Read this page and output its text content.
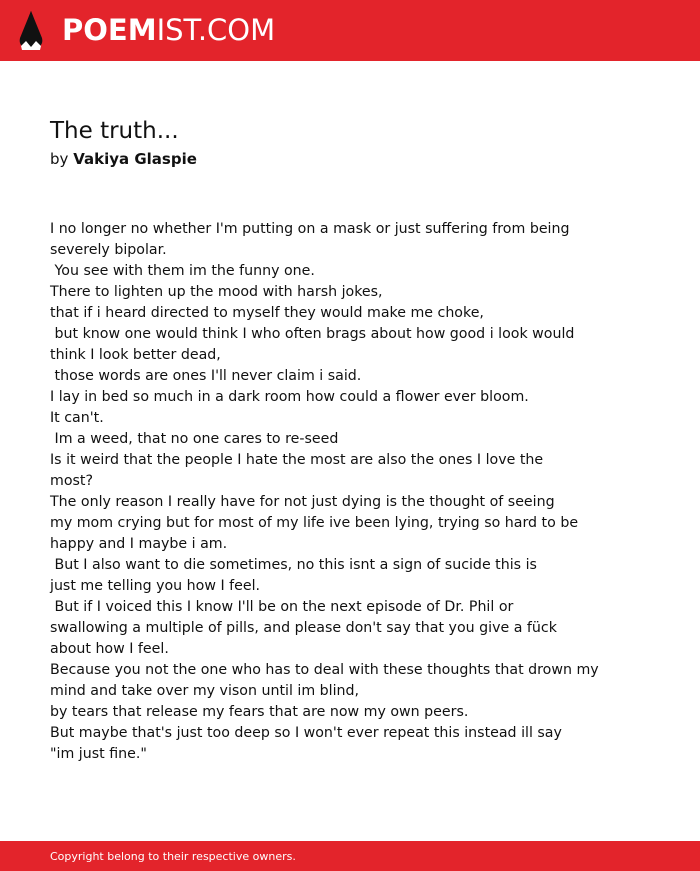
POEMIST.COM
The truth...
by Vakiya Glaspie
I no longer no whether I'm putting on a mask or just suffering from being
severely bipolar.
You see with them im the funny one.
There to lighten up the mood with harsh jokes,
that if i heard directed to myself they would make me choke,
but know one would think I who often brags about how good i look would
think I look better dead,
those words are ones I'll never claim i said.
I lay in bed so much in a dark room how could a flower ever bloom.
It can't.
Im a weed, that no one cares to re-seed
Is it weird that the people I hate the most are also the ones I love the
most?
The only reason I really have for not just dying is the thought of seeing
my mom crying but for most of my life ive been lying, trying so hard to be
happy and I maybe i am.
But I also want to die sometimes, no this isnt a sign of sucide this is
just me telling you how I feel.
But if I voiced this I know I'll be on the next episode of Dr. Phil or
swallowing a multiple of pills, and please don't say that you give a fück
about how I feel.
Because you not the one who has to deal with these thoughts that drown my
mind and take over my vison until im blind,
by tears that release my fears that are now my own peers.
But maybe that's just too deep so I won't ever repeat this instead ill say
"im just fine."
Copyright belong to their respective owners.
